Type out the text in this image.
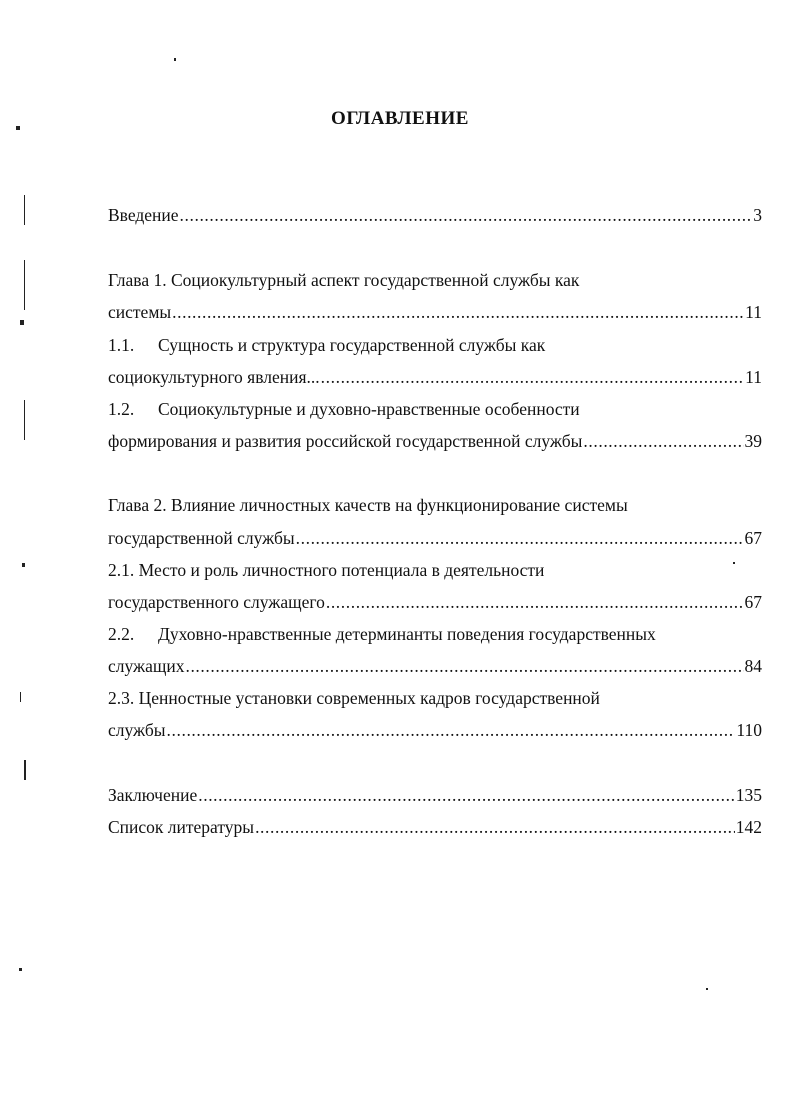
ОГЛАВЛЕНИЕ
Введение .....	3
Глава 1. Социокультурный аспект государственной службы как
системы .....	11
1.1. Сущность и структура государственной службы как
социокультурного явления... .....	11
1.2. Социокультурные и духовно-нравственные особенности
формирования и развития российской государственной службы .....	39
Глава 2. Влияние личностных качеств на функционирование системы
государственной службы .....	67
2.1. Место и роль личностного потенциала в деятельности
государственного служащего .....	67
2.2. Духовно-нравственные детерминанты поведения государственных
служащих .....	84
2.3. Ценностные установки современных кадров государственной
службы .....	110
Заключение .....	135
Список литературы .....	142
